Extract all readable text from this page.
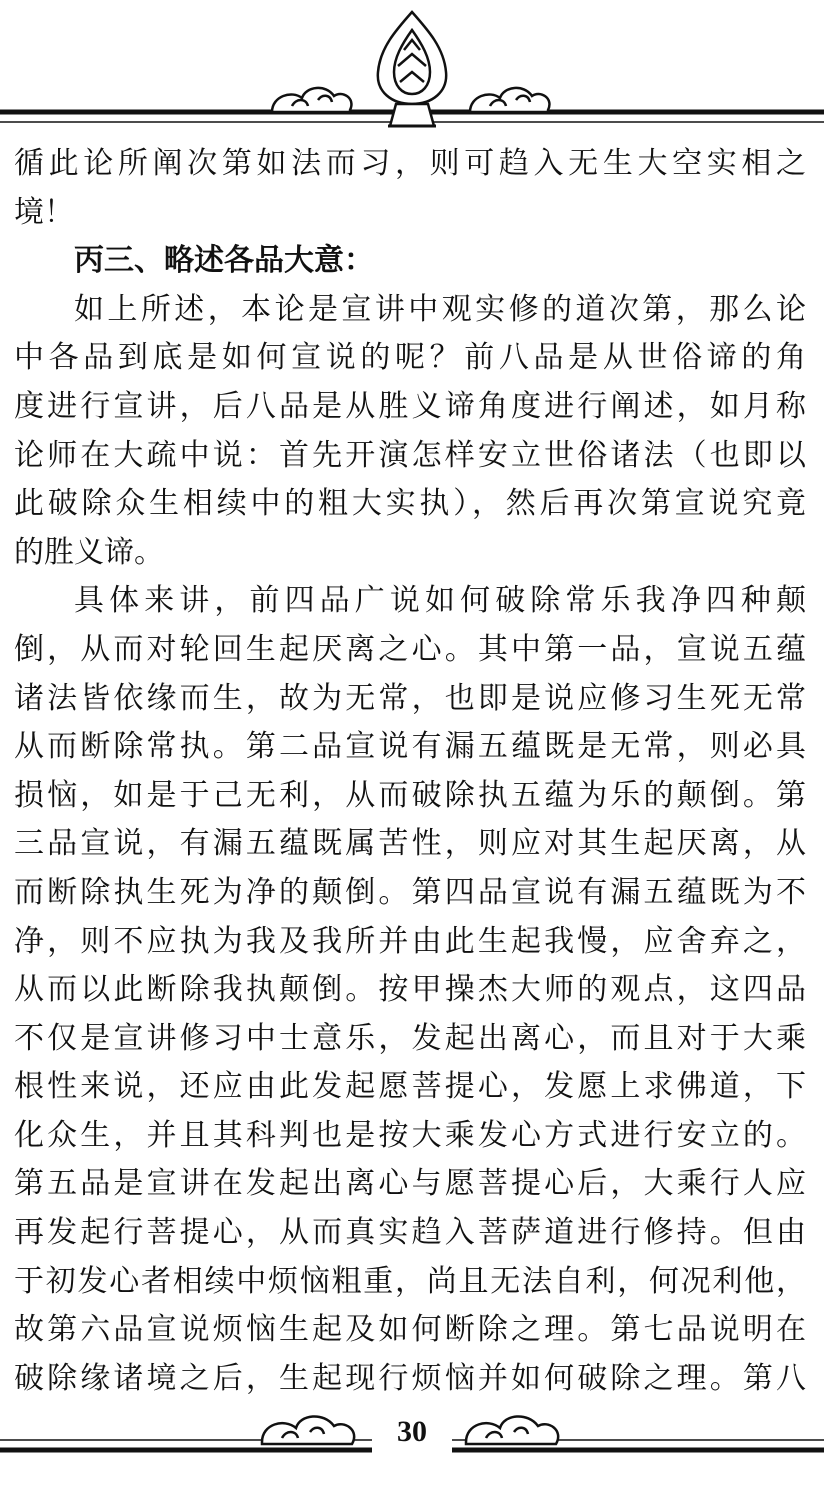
循此论所阐次第如法而习，则可趋入无生大空实相之
境！
丙三、略述各品大意：
如上所述，本论是宣讲中观实修的道次第，那么论
中各品到底是如何宣说的呢？前八品是从世俗谛的角
度进行宣讲，后八品是从胜义谛角度进行阐述，如月称
论师在大疏中说：首先开演怎样安立世俗诸法（也即以
此破除众生相续中的粗大实执），然后再次第宣说究竟
的胜义谛。
具体来讲，前四品广说如何破除常乐我净四种颠
倒，从而对轮回生起厌离之心。其中第一品，宣说五蕴
诸法皆依缘而生，故为无常，也即是说应修习生死无常
从而断除常执。第二品宣说有漏五蕴既是无常，则必具
损恼，如是于己无利，从而破除执五蕴为乐的颠倒。第
三品宣说，有漏五蕴既属苦性，则应对其生起厌离，从
而断除执生死为净的颠倒。第四品宣说有漏五蕴既为不
净，则不应执为我及我所并由此生起我慢，应舍弃之，
从而以此断除我执颠倒。按甲操杰大师的观点，这四品
不仅是宣讲修习中士意乐，发起出离心，而且对于大乘
根性来说，还应由此发起愿菩提心，发愿上求佛道，下
化众生，并且其科判也是按大乘发心方式进行安立的。
第五品是宣讲在发起出离心与愿菩提心后，大乘行人应
再发起行菩提心，从而真实趋入菩萨道进行修持。但由
于初发心者相续中烦恼粗重，尚且无法自利，何况利他，
故第六品宣说烦恼生起及如何断除之理。第七品说明在
破除缘诸境之后，生起现行烦恼并如何破除之理。第八
30
